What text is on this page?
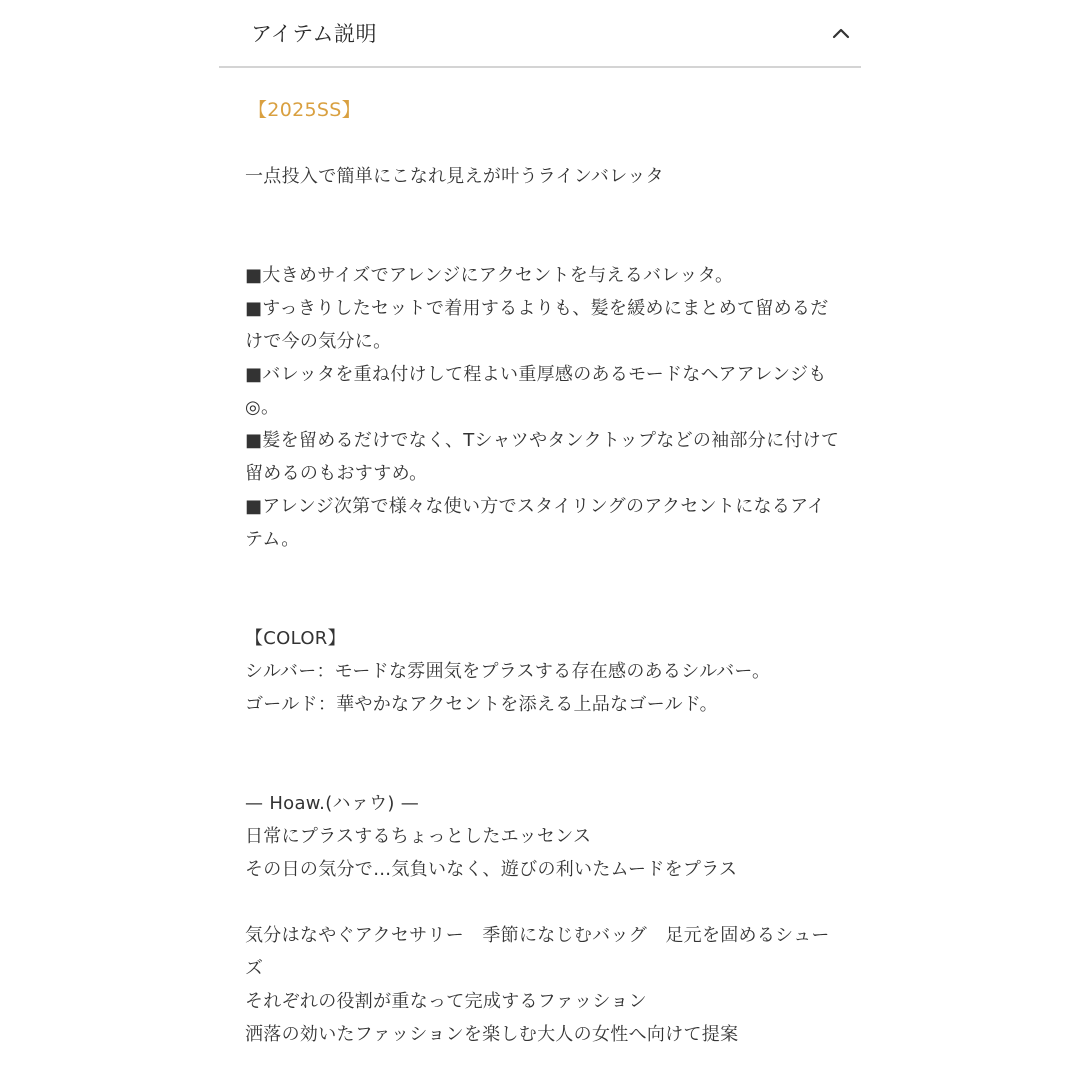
アイテム説明
【2025SS】
一点投入で簡単にこなれ見えが叶うラインバレッタ
■大きめサイズでアレンジにアクセントを与えるバレッタ。
■すっきりしたセットで着用するよりも、髪を緩めにまとめて留めるだけで今の気分に。
■バレッタを重ね付けして程よい重厚感のあるモードなヘアアレンジも◎。
■髪を留めるだけでなく、Tシャツやタンクトップなどの袖部分に付けて留めるのもおすすめ。
■アレンジ次第で様々な使い方でスタイリングのアクセントになるアイテム。
【COLOR】
シルバー：モードな雰囲気をプラスする存在感のあるシルバー。
ゴールド：華やかなアクセントを添える上品なゴールド。
— Hoaw.(ハァウ) —
日常にプラスするちょっとしたエッセンス
その日の気分で…気負いなく、遊びの利いたムードをプラス
気分はなやぐアクセサリー　季節になじむバッグ　足元を固めるシューズ
それぞれの役割が重なって完成するファッション
洒落の効いたファッションを楽しむ大人の女性へ向けて提案
